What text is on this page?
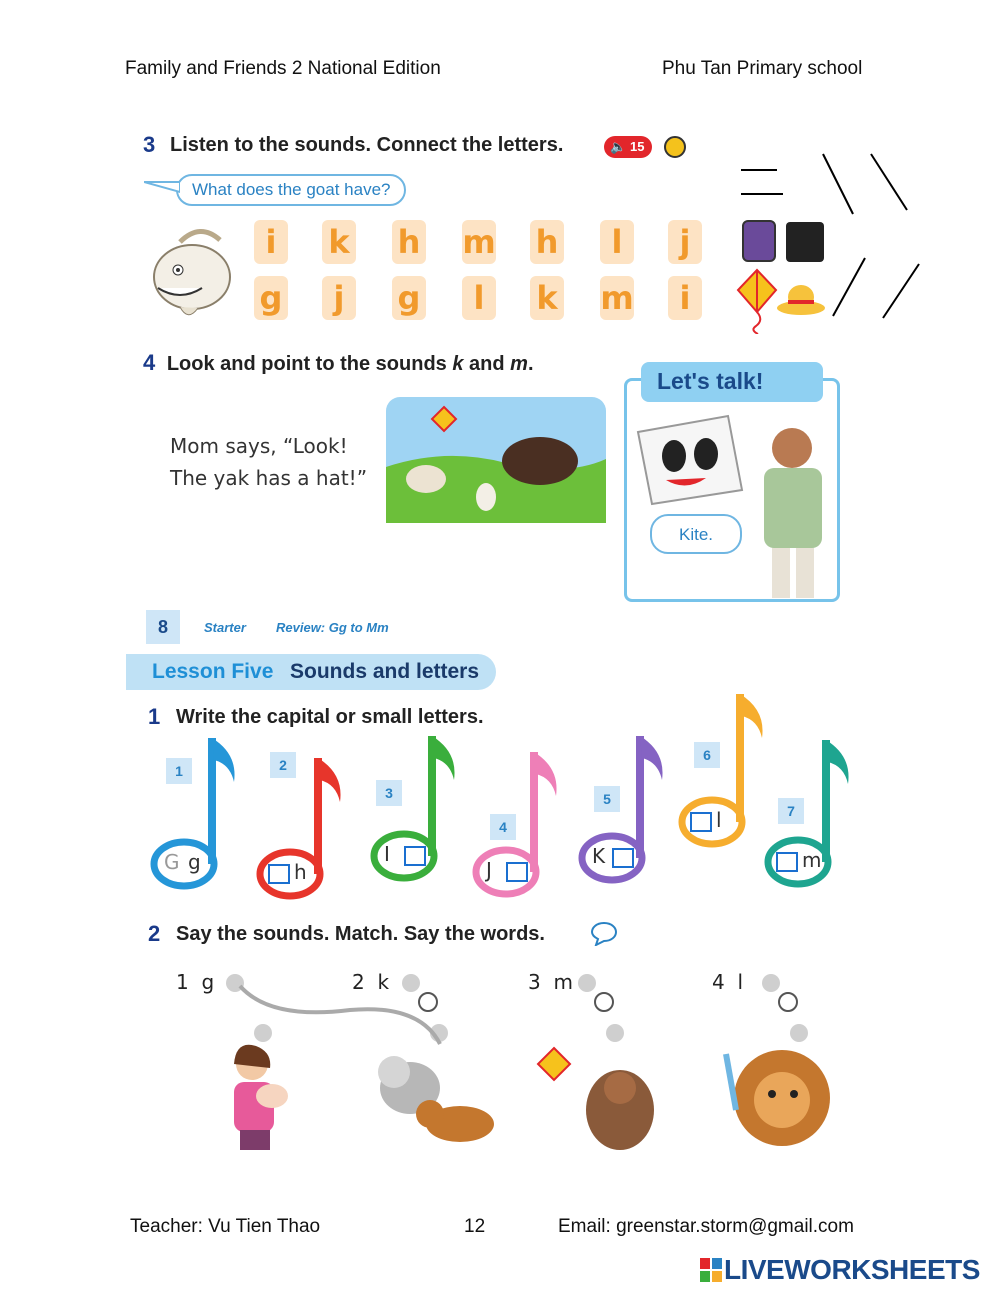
Family and Friends 2 National Edition	Phu Tan Primary school
3 Listen to the sounds. Connect the letters.	🔈 15
What does the goat have?
i	k h m h	l	j
g	j	g	l	k m	i
4 Look and point to the sounds k and m.
Mom says, “Look!
The yak has a hat!”
Let's talk!
Kite.
8	Starter Review: Gg to Mm
Lesson Five Sounds and letters
1 Write the capital or small letters.
1
G g
2
h
3
I
4
J
5
K
6
l	7
m
2 Say the sounds. Match. Say the words.
1 g	2 k	3 m	4 l
Teacher: Vu Tien Thao	12	Email: greenstar.storm@gmail.com
LIVEWORKSHEETS
